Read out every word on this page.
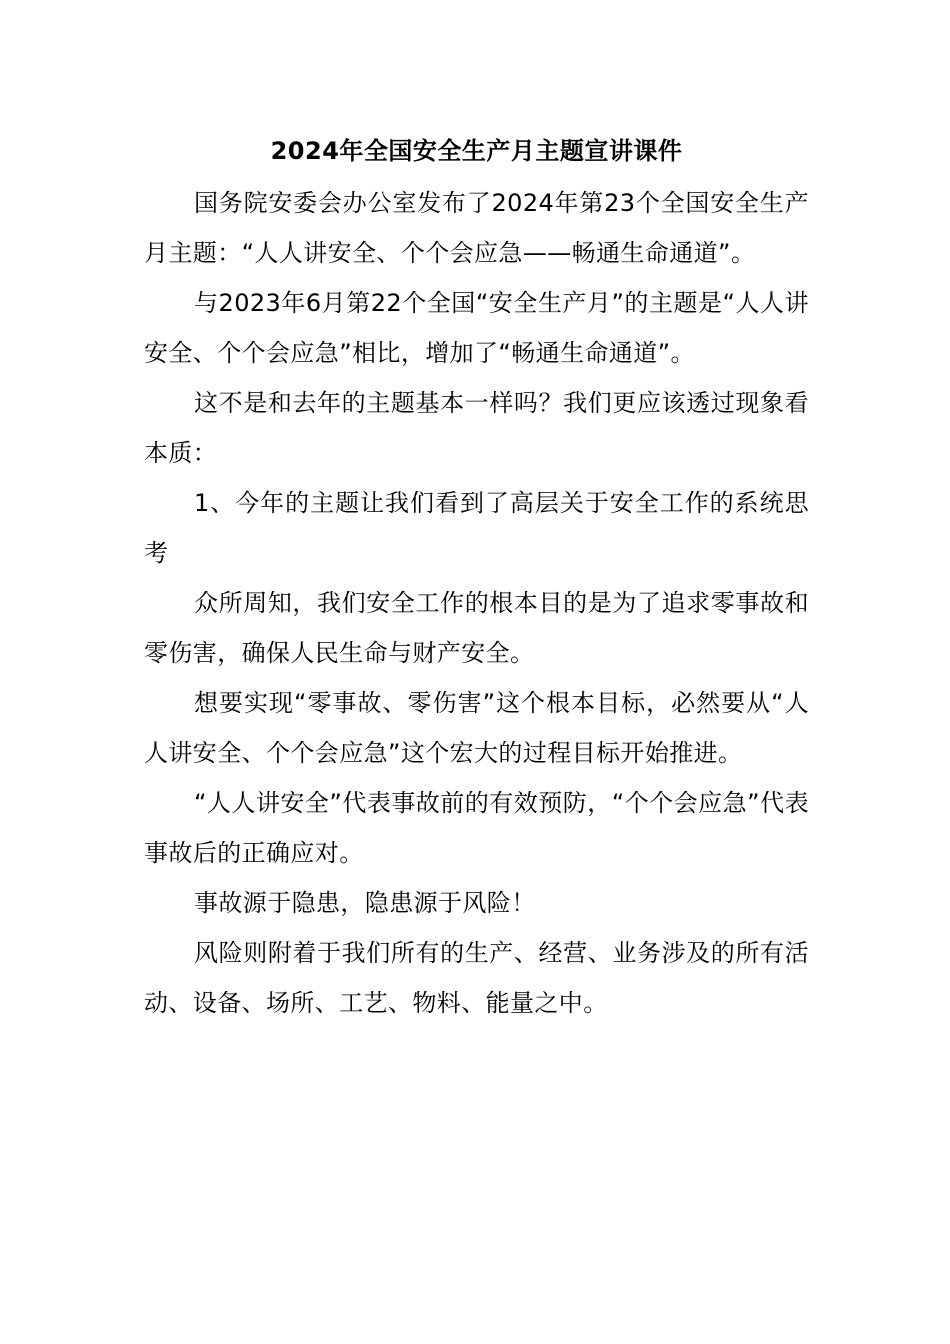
2024年全国安全生产月主题宣讲课件

国务院安委会办公室发布了2024年第23个全国安全生产月主题：“人人讲安全、个个会应急——畅通生命通道”。

与2023年6月第22个全国“安全生产月”的主题是“人人讲安全、个个会应急”相比，增加了“畅通生命通道”。

这不是和去年的主题基本一样吗？我们更应该透过现象看本质：

1、今年的主题让我们看到了高层关于安全工作的系统思考

众所周知，我们安全工作的根本目的是为了追求零事故和零伤害，确保人民生命与财产安全。

想要实现“零事故、零伤害”这个根本目标，必然要从“人人讲安全、个个会应急”这个宏大的过程目标开始推进。

“人人讲安全”代表事故前的有效预防，“个个会应急”代表事故后的正确应对。

事故源于隐患，隐患源于风险！

风险则附着于我们所有的生产、经营、业务涉及的所有活动、设备、场所、工艺、物料、能量之中。
